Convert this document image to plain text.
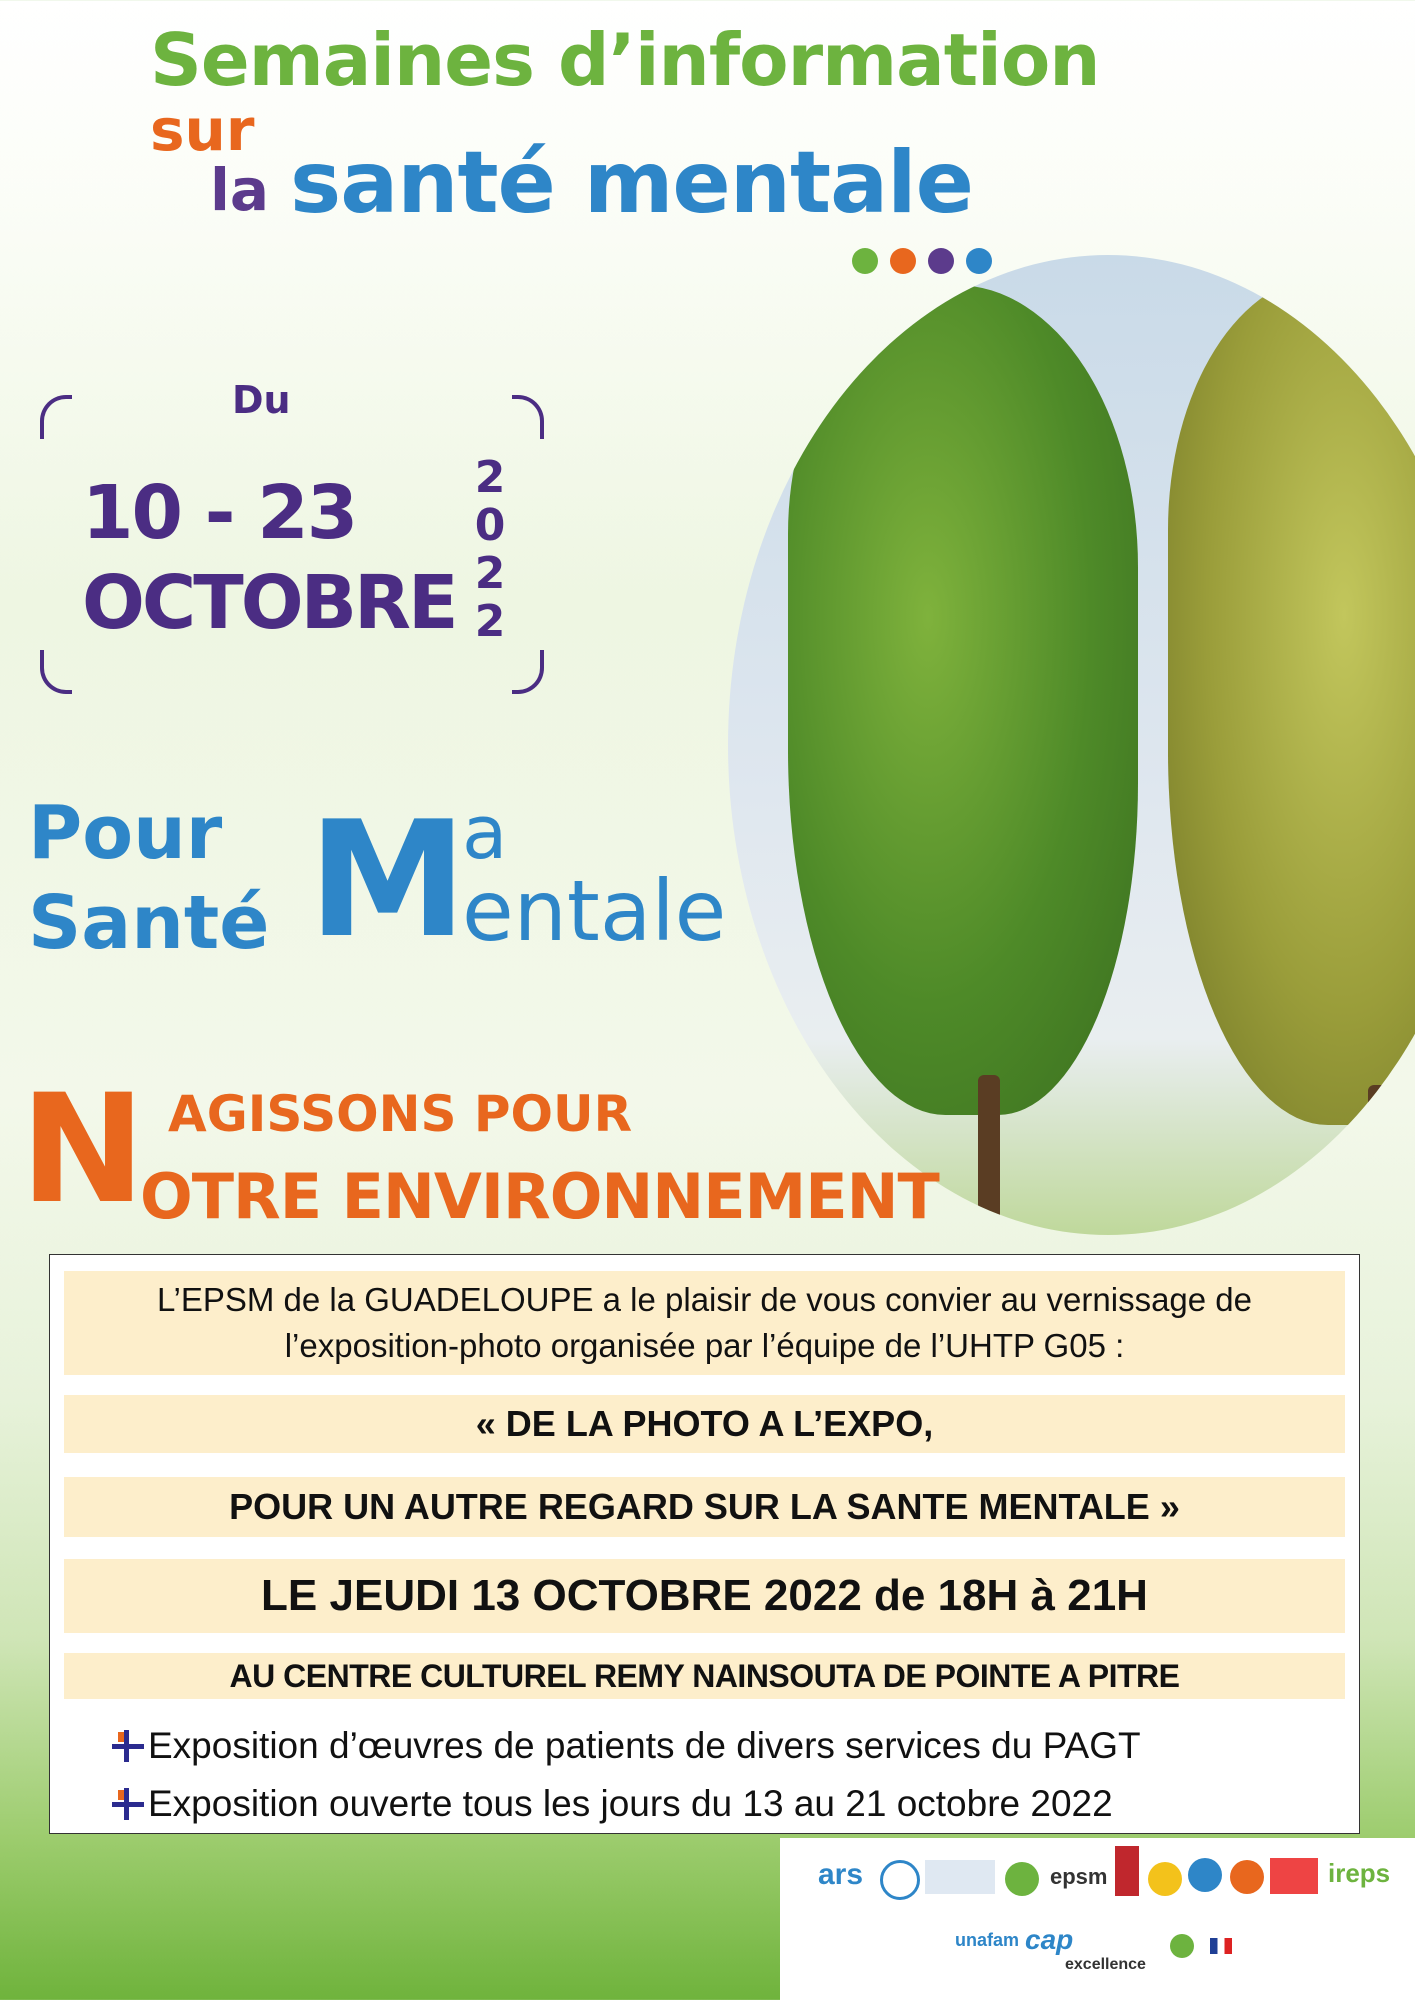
Semaines d’information
sur
la santé mentale
Du
10 - 23
OCTOBRE
2022
Pour
Santé M
a
entale
N AGISSONS POUR
OTRE ENVIRONNEMENT
L’EPSM de la GUADELOUPE a le plaisir de vous convier au vernissage de
l’exposition-photo organisée par l’équipe de l’UHTP G05 :
« DE LA PHOTO A L’EXPO,
POUR UN AUTRE REGARD SUR LA SANTE MENTALE »
LE JEUDI 13 OCTOBRE 2022 de 18H à 21H
AU CENTRE CULTUREL REMY NAINSOUTA DE POINTE A PITRE
Exposition d’œuvres de patients de divers services du PAGT
Exposition ouverte tous les jours du 13 au 21 octobre 2022
ars	epsm	ireps
unafam cap
excellence
